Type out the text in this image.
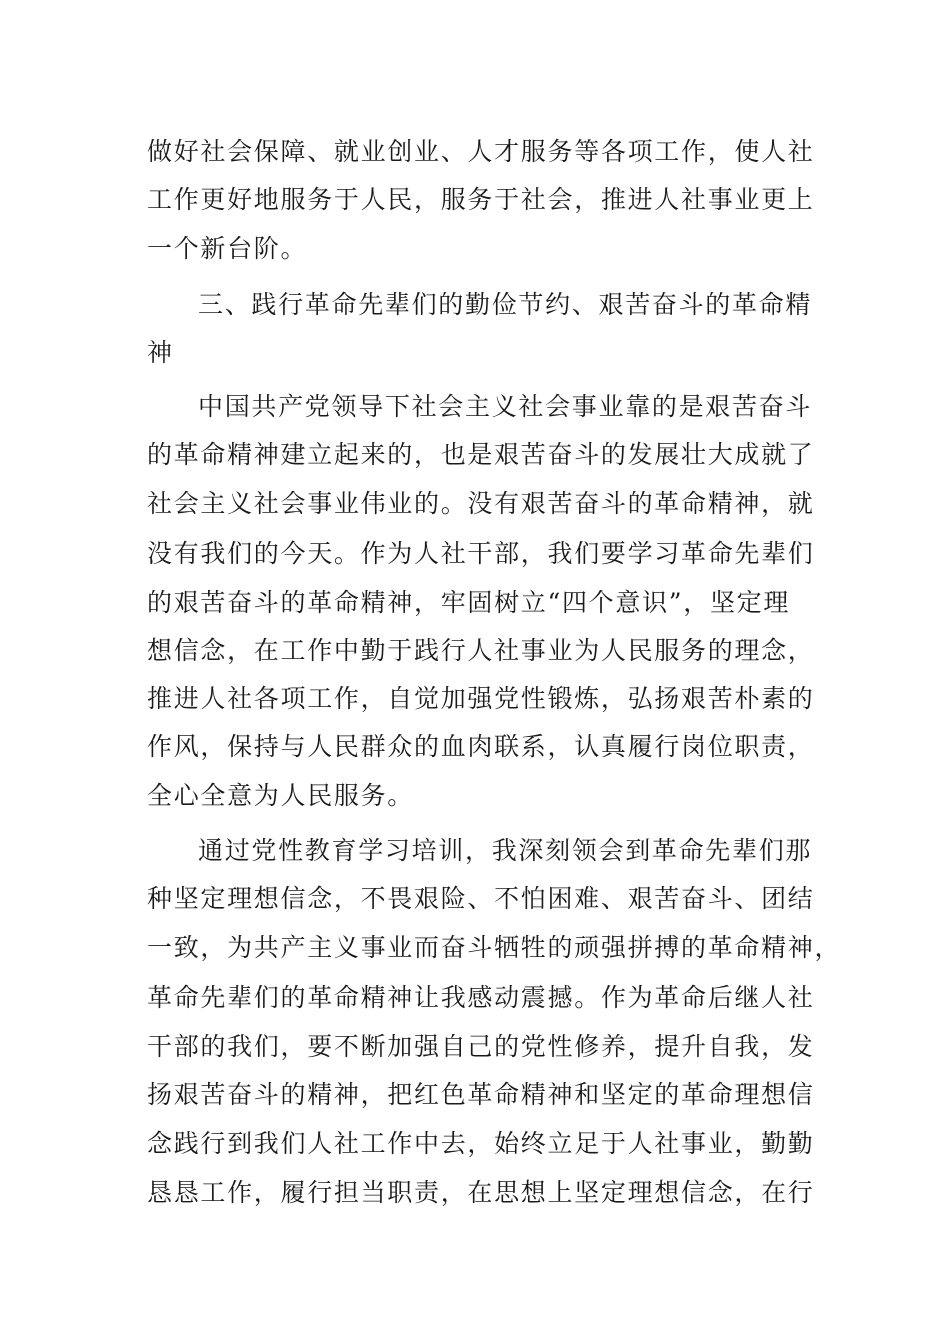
做好社会保障、就业创业、人才服务等各项工作，使人社
工作更好地服务于人民，服务于社会，推进人社事业更上
一个新台阶。
三、践行革命先辈们的勤俭节约、艰苦奋斗的革命精
神
中国共产党领导下社会主义社会事业靠的是艰苦奋斗
的革命精神建立起来的，也是艰苦奋斗的发展壮大成就了
社会主义社会事业伟业的。没有艰苦奋斗的革命精神，就
没有我们的今天。作为人社干部，我们要学习革命先辈们
的艰苦奋斗的革命精神，牢固树立“四个意识”，坚定理
想信念，在工作中勤于践行人社事业为人民服务的理念，
推进人社各项工作，自觉加强党性锻炼，弘扬艰苦朴素的
作风，保持与人民群众的血肉联系，认真履行岗位职责，
全心全意为人民服务。
通过党性教育学习培训，我深刻领会到革命先辈们那
种坚定理想信念，不畏艰险、不怕困难、艰苦奋斗、团结
一致，为共产主义事业而奋斗牺牲的顽强拼搏的革命精神，
革命先辈们的革命精神让我感动震撼。作为革命后继人社
干部的我们，要不断加强自己的党性修养，提升自我，发
扬艰苦奋斗的精神，把红色革命精神和坚定的革命理想信
念践行到我们人社工作中去，始终立足于人社事业，勤勤
恳恳工作，履行担当职责，在思想上坚定理想信念，在行
